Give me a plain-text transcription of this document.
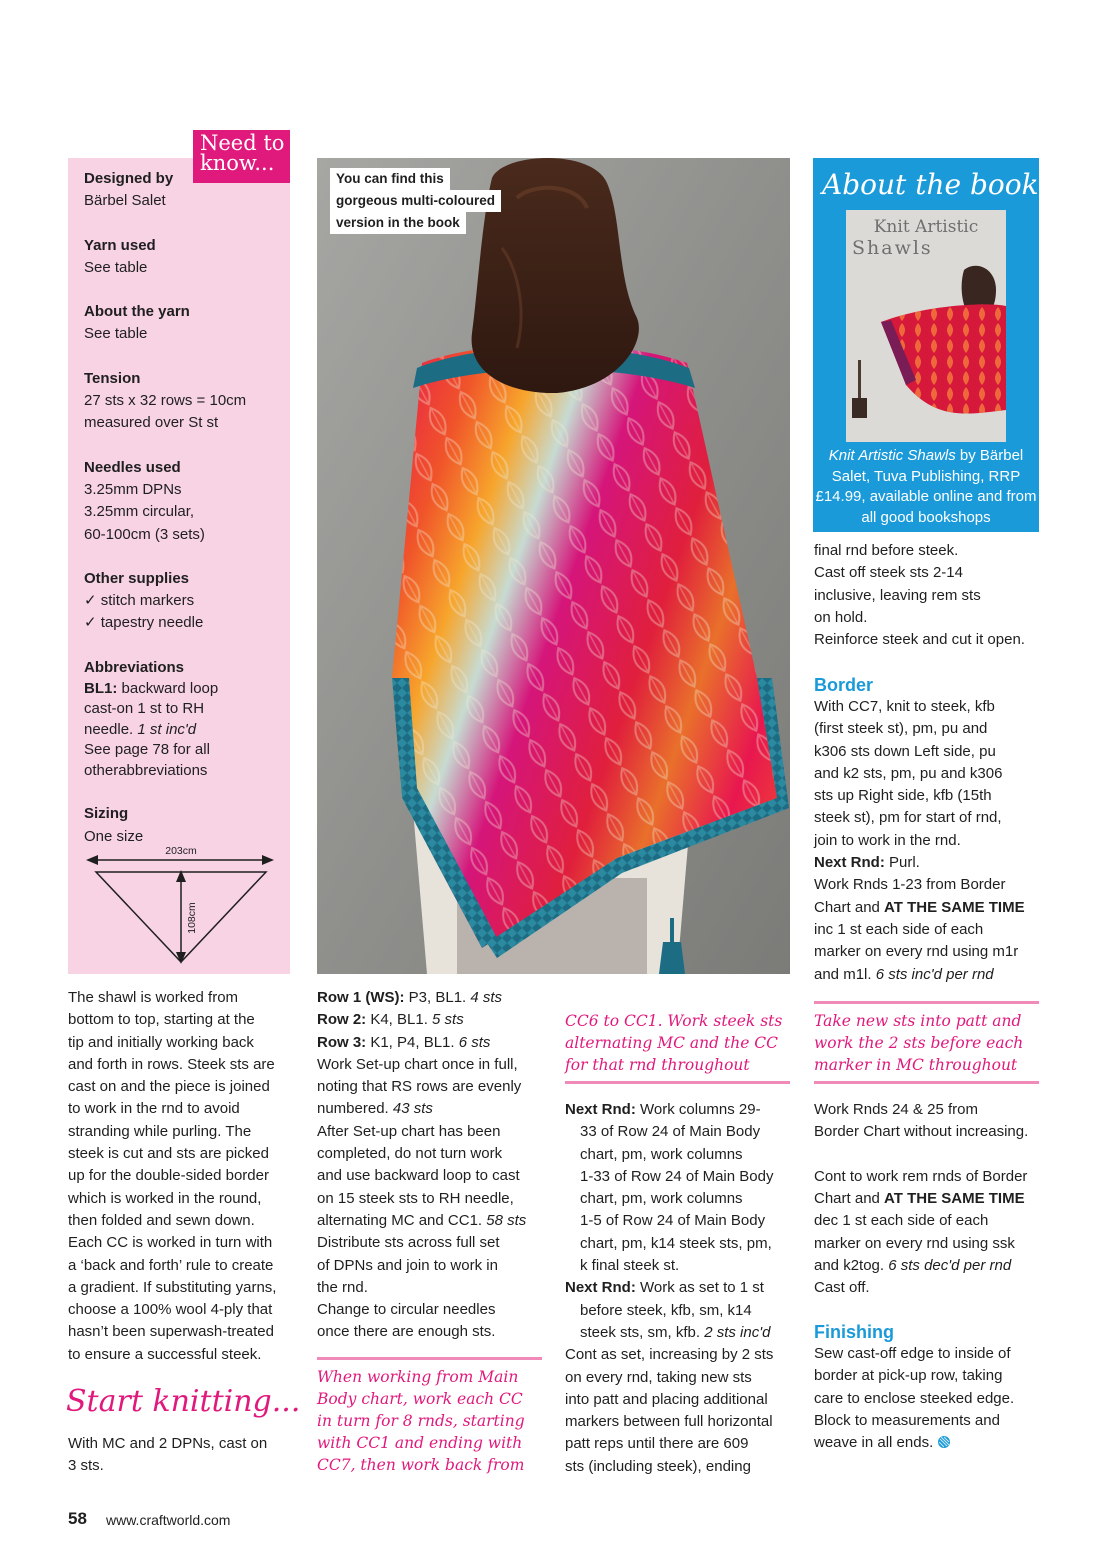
Need to
know...
Designed by
Bärbel Salet
Yarn used
See table
About the yarn
See table
Tension
27 sts x 32 rows = 10cm
measured over St st
Needles used
3.25mm DPNs
3.25mm circular,
60-100cm (3 sets)
Other supplies
✓ stitch markers
✓ tapestry needle
Abbreviations
BL1: backward loop cast-on 1 st to RH needle. 1 st inc'd
See page 78 for all otherabbreviations
Sizing
One size
203cm
108cm
You can find this
gorgeous multi-coloured
version in the book
About the book
Knit Artistic
Shawls
Knit Artistic Shawls by Bärbel Salet, Tuva Publishing, RRP £14.99, available online and from all good bookshops

The shawl is worked from

bottom to top, starting at the

tip and initially working back

and forth in rows. Steek sts are

cast on and the piece is joined

to work in the rnd to avoid

stranding while purling. The

steek is cut and sts are picked

up for the double-sided border

which is worked in the round,

then folded and sewn down.

Each CC is worked in turn with

a ‘back and forth’ rule to create

a gradient. If substituting yarns,

choose a 100% wool 4-ply that

hasn’t been superwash-treated

to ensure a successful steek.

Start knitting...

With MC and 2 DPNs, cast on

3 sts.

Row 1 (WS): P3, BL1. 4 sts

Row 2: K4, BL1. 5 sts

Row 3: K1, P4, BL1. 6 sts

Work Set-up chart once in full,

noting that RS rows are evenly

numbered. 43 sts

After Set-up chart has been

completed, do not turn work

and use backward loop to cast

on 15 steek sts to RH needle,

alternating MC and CC1. 58 sts

Distribute sts across full set

of DPNs and join to work in

the rnd.

Change to circular needles

once there are enough sts.

When working from Main

Body chart, work each CC

in turn for 8 rnds, starting

with CC1 and ending with

CC7, then work back from

CC6 to CC1. Work steek sts

alternating MC and the CC

for that rnd throughout

Next Rnd: Work columns 29-

33 of Row 24 of Main Body

chart, pm, work columns

1-33 of Row 24 of Main Body

chart, pm, work columns

1-5 of Row 24 of Main Body

chart, pm, k14 steek sts, pm,

k final steek st.

Next Rnd: Work as set to 1 st

before steek, kfb, sm, k14

steek sts, sm, kfb. 2 sts inc'd

Cont as set, increasing by 2 sts

on every rnd, taking new sts

into patt and placing additional

markers between full horizontal

patt reps until there are 609

sts (including steek), ending

final rnd before steek.

Cast off steek sts 2-14

inclusive, leaving rem sts

on hold.

Reinforce steek and cut it open.

Border

With CC7, knit to steek, kfb

(first steek st), pm, pu and

k306 sts down Left side, pu

and k2 sts, pm, pu and k306

sts up Right side, kfb (15th

steek st), pm for start of rnd,

join to work in the rnd.

Next Rnd: Purl.

Work Rnds 1-23 from Border

Chart and AT THE SAME TIME

inc 1 st each side of each

marker on every rnd using m1r

and m1l. 6 sts inc'd per rnd

Take new sts into patt and

work the 2 sts before each

marker in MC throughout

Work Rnds 24 & 25 from

Border Chart without increasing.

Cont to work rem rnds of Border

Chart and AT THE SAME TIME

dec 1 st each side of each

marker on every rnd using ssk

and k2tog. 6 sts dec'd per rnd

Cast off.

Finishing

Sew cast-off edge to inside of

border at pick-up row, taking

care to enclose steeked edge.

Block to measurements and

weave in all ends.

58 www.craftworld.com
